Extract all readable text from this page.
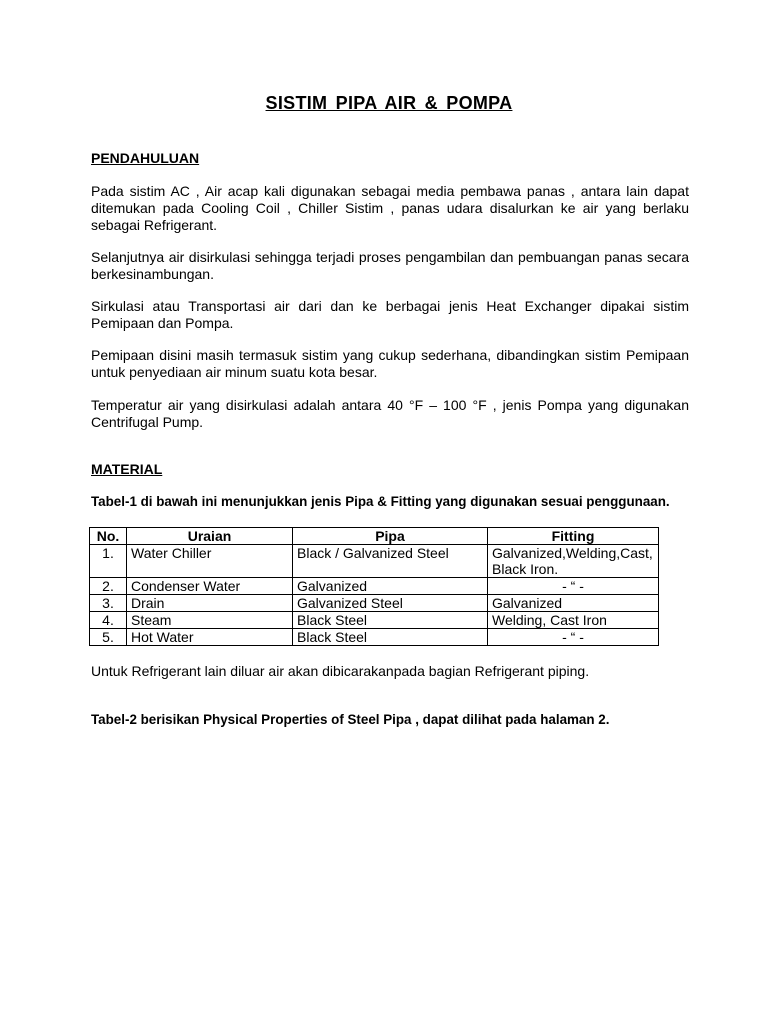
SISTIM PIPA AIR & POMPA
PENDAHULUAN

Pada sistim AC , Air acap kali digunakan sebagai media pembawa panas , antara lain dapat ditemukan pada Cooling Coil , Chiller Sistim , panas udara disalurkan ke air yang berlaku sebagai Refrigerant.

Selanjutnya air disirkulasi sehingga terjadi proses pengambilan dan pembuangan panas secara berkesinambungan.

Sirkulasi atau Transportasi air dari dan ke berbagai jenis Heat Exchanger dipakai sistim Pemipaan dan Pompa.

Pemipaan disini masih termasuk sistim yang cukup sederhana, dibandingkan sistim Pemipaan untuk penyediaan air minum suatu kota besar.

Temperatur air yang disirkulasi adalah antara 40 °F – 100 °F , jenis Pompa yang digunakan Centrifugal Pump.

MATERIAL
Tabel-1 di bawah ini menunjukkan jenis Pipa & Fitting yang digunakan sesuai penggunaan.
No.	Uraian	Pipa	Fitting
1.	Water Chiller	Black / Galvanized Steel	Galvanized,Welding,Cast, Black Iron.
2.	Condenser Water	Galvanized	- “ -
3.	Drain	Galvanized Steel	Galvanized
4.	Steam	Black Steel	Welding, Cast Iron
5.	Hot Water	Black Steel	- “ -
Untuk Refrigerant lain diluar air akan dibicarakanpada bagian Refrigerant piping.
Tabel-2 berisikan Physical Properties of Steel Pipa , dapat dilihat pada halaman 2.
